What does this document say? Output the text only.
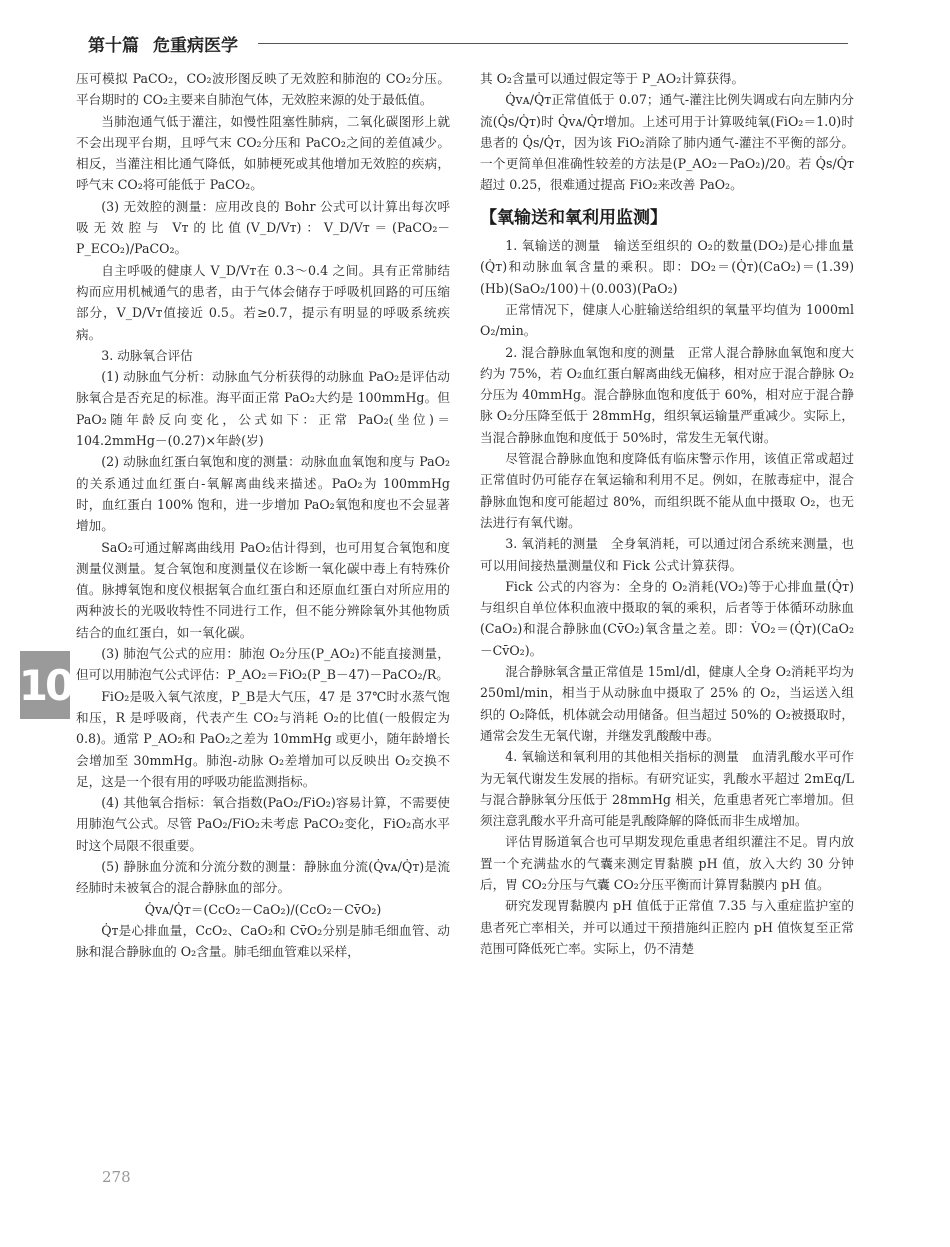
第十篇 危重病医学

压可模拟 PaCO₂，CO₂波形图反映了无效腔和肺泡的 CO₂分压。平台期时的 CO₂主要来自肺泡气体，无效腔来源的处于最低值。

当肺泡通气低于灌注，如慢性阻塞性肺病，二氧化碳图形上就不会出现平台期，且呼气末 CO₂分压和 PaCO₂之间的差值减少。相反，当灌注相比通气降低，如肺梗死或其他增加无效腔的疾病，呼气末 CO₂将可能低于 PaCO₂。

(3) 无效腔的测量：应用改良的 Bohr 公式可以计算出每次呼吸无效腔与 Vᴛ的比值(V_D/Vᴛ)：V_D/Vᴛ＝(PaCO₂－P_ECO₂)/PaCO₂。

自主呼吸的健康人 V_D/Vᴛ在 0.3～0.4 之间。具有正常肺结构而应用机械通气的患者，由于气体会储存于呼吸机回路的可压缩部分，V_D/Vᴛ值接近 0.5。若≥0.7，提示有明显的呼吸系统疾病。

3. 动脉氧合评估

(1) 动脉血气分析：动脉血气分析获得的动脉血 PaO₂是评估动脉氧合是否充足的标准。海平面正常 PaO₂大约是 100mmHg。但 PaO₂随年龄反向变化，公式如下：正常 PaO₂(坐位)＝104.2mmHg－(0.27)×年龄(岁)

(2) 动脉血红蛋白氧饱和度的测量：动脉血血氧饱和度与 PaO₂ 的关系通过血红蛋白-氧解离曲线来描述。PaO₂为 100mmHg 时，血红蛋白 100% 饱和，进一步增加 PaO₂氧饱和度也不会显著增加。

SaO₂可通过解离曲线用 PaO₂估计得到，也可用复合氧饱和度测量仪测量。复合氧饱和度测量仪在诊断一氧化碳中毒上有特殊价值。脉搏氧饱和度仪根据氧合血红蛋白和还原血红蛋白对所应用的两种波长的光吸收特性不同进行工作，但不能分辨除氧外其他物质结合的血红蛋白，如一氧化碳。

(3) 肺泡气公式的应用：肺泡 O₂分压(P_AO₂)不能直接测量，但可以用肺泡气公式评估：P_AO₂＝FiO₂(P_B－47)－PaCO₂/R。

FiO₂是吸入氧气浓度，P_B是大气压，47 是 37℃时水蒸气饱和压，R 是呼吸商，代表产生 CO₂与消耗 O₂的比值(一般假定为 0.8)。通常 P_AO₂和 PaO₂之差为 10mmHg 或更小，随年龄增长会增加至 30mmHg。肺泡-动脉 O₂差增加可以反映出 O₂交换不足，这是一个很有用的呼吸功能监测指标。

(4) 其他氧合指标：氧合指数(PaO₂/FiO₂)容易计算，不需要使用肺泡气公式。尽管 PaO₂/FiO₂未考虑 PaCO₂变化，FiO₂高水平时这个局限不很重要。

(5) 静脉血分流和分流分数的测量：静脉血分流(Q̇ᴠᴀ/Q̇ᴛ)是流经肺时未被氧合的混合静脉血的部分。

Q̇ᴠᴀ/Q̇ᴛ＝(CcO₂－CaO₂)/(CcO₂－Cv̄O₂)

Q̇ᴛ是心排血量，CcO₂、CaO₂和 Cv̄O₂分别是肺毛细血管、动脉和混合静脉血的 O₂含量。肺毛细血管难以采样，

其 O₂含量可以通过假定等于 P_AO₂计算获得。

Q̇ᴠᴀ/Q̇ᴛ正常值低于 0.07；通气-灌注比例失调或右向左肺内分流(Q̇s/Q̇ᴛ)时 Q̇ᴠᴀ/Q̇ᴛ增加。上述可用于计算吸纯氧(FiO₂＝1.0)时患者的 Q̇s/Q̇ᴛ，因为该 FiO₂消除了肺内通气-灌注不平衡的部分。一个更简单但准确性较差的方法是(P_AO₂－PaO₂)/20。若 Q̇s/Q̇ᴛ超过 0.25，很难通过提高 FiO₂来改善 PaO₂。

【氧输送和氧利用监测】

1. 氧输送的测量　输送至组织的 O₂的数量(DO₂)是心排血量(Q̇ᴛ)和动脉血氧含量的乘积。即：DO₂＝(Q̇ᴛ)(CaO₂)＝(1.39)(Hb)(SaO₂/100)＋(0.003)(PaO₂)

正常情况下，健康人心脏输送给组织的氧量平均值为 1000ml O₂/min。

2. 混合静脉血氧饱和度的测量　正常人混合静脉血氧饱和度大约为 75%，若 O₂血红蛋白解离曲线无偏移，相对应于混合静脉 O₂分压为 40mmHg。混合静脉血饱和度低于 60%，相对应于混合静脉 O₂分压降至低于 28mmHg，组织氧运输量严重减少。实际上，当混合静脉血饱和度低于 50%时，常发生无氧代谢。

尽管混合静脉血饱和度降低有临床警示作用，该值正常或超过正常值时仍可能存在氧运输和利用不足。例如，在脓毒症中，混合静脉血饱和度可能超过 80%，而组织既不能从血中摄取 O₂，也无法进行有氧代谢。

3. 氧消耗的测量　全身氧消耗，可以通过闭合系统来测量，也可以用间接热量测量仪和 Fick 公式计算获得。

Fick 公式的内容为：全身的 O₂消耗(VO₂)等于心排血量(Q̇ᴛ)与组织自单位体积血液中摄取的氧的乘积，后者等于体循环动脉血(CaO₂)和混合静脉血(Cv̄O₂)氧含量之差。即：V̇O₂＝(Q̇ᴛ)(CaO₂－Cv̄O₂)。

混合静脉氧含量正常值是 15ml/dl，健康人全身 O₂消耗平均为 250ml/min，相当于从动脉血中摄取了 25% 的 O₂，当运送入组织的 O₂降低，机体就会动用储备。但当超过 50%的 O₂被摄取时，通常会发生无氧代谢，并继发乳酸酸中毒。

4. 氧输送和氧利用的其他相关指标的测量　血清乳酸水平可作为无氧代谢发生发展的指标。有研究证实，乳酸水平超过 2mEq/L 与混合静脉氧分压低于 28mmHg 相关，危重患者死亡率增加。但须注意乳酸水平升高可能是乳酸降解的降低而非生成增加。

评估胃肠道氧合也可早期发现危重患者组织灌注不足。胃内放置一个充满盐水的气囊来测定胃黏膜 pH 值，放入大约 30 分钟后，胃 CO₂分压与气囊 CO₂分压平衡而计算胃黏膜内 pH 值。

研究发现胃黏膜内 pH 值低于正常值 7.35 与入重症监护室的患者死亡率相关，并可以通过干预措施纠正腔内 pH 值恢复至正常范围可降低死亡率。实际上，仍不清楚

10
278
